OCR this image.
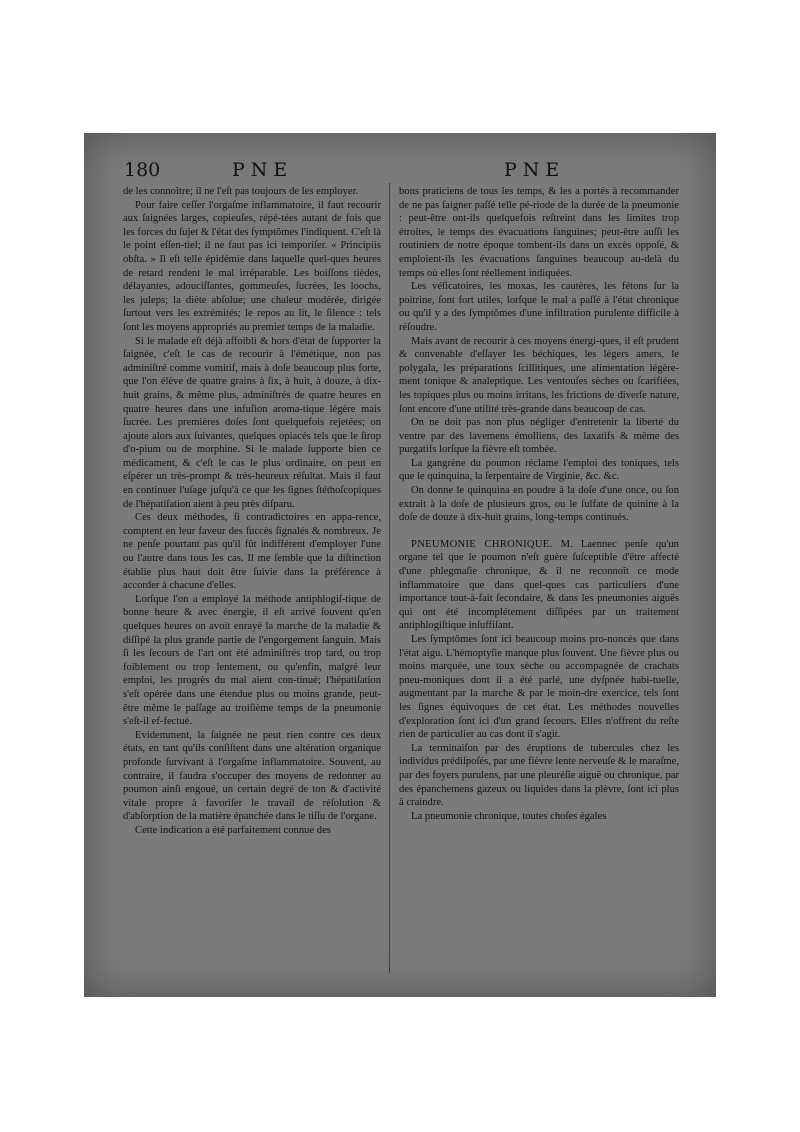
180	PNE	PNE

de les connoître; il ne l'eſt pas toujours de les employer.

Pour faire ceſſer l'orgaſme inflammatoire, il faut recourir aux ſaignées larges, copieuſes, répé-tées autant de fois que les forces du ſujet & l'état des ſymptômes l'indiquent. C'eſt là le point eſſen-tiel; il ne faut pas ici temporiſer. « Principiis obſta. » Il eſt telle épidémie dans laquelle quel-ques heures de retard rendent le mal irréparable. Les boiſſons tièdes, délayantes, adouciſſantes, gommeuſes, ſucrées, les loochs, les juleps; la diète abſolue; une chaleur modérée, dirigée ſurtout vers les extrémités; le repos au lit, le ſilence : tels ſont les moyens appropriés au premier temps de la maladie.

Si le malade eſt déjà affoibli & hors d'état de ſupporter la ſaignée, c'eſt le cas de recourir à l'émétique, non pas adminiſtré comme vomitif, mais à doſe beaucoup plus forte, que l'on élève de quatre grains à ſix, à huit, à douze, à dix-huit grains, & même plus, adminiſtrés de quatre heures en quatre heures dans une infuſion aroma-tique légère mais ſucrée. Les premières doſes ſont quelquefois rejetées; on ajoute alors aux ſuivantes, quelques opiacés tels que le ſirop d'o-pium ou de morphine. Si le malade ſupporte bien ce médicament, & c'eſt le cas le plus ordinaire, on peut en eſpérer un très-prompt & très-heureux réſultat. Mais il faut en continuer l'uſage juſqu'à ce que les ſignes ſtéthoſcopiques de l'hépatiſation aient à peu près diſparu.

Ces deux méthodes, ſi contradictoires en appa-rence, comptent en leur faveur des ſuccès ſignalés & nombreux. Je ne penſe pourtant pas qu'il fût indifférent d'employer l'une ou l'autre dans tous les cas. Il me ſemble que la diſtinction établie plus haut doit être ſuivie dans la préférence à accorder à chacune d'elles.

Lorſque l'on a employé la méthode antiphlogiſ-tique de bonne heure & avec énergie, il eſt arrivé ſouvent qu'en quelques heures on avoit enrayé la marche de la maladie & diſſipé la plus grande partie de l'engorgement ſanguin. Mais ſi les ſecours de l'art ont été adminiſtrés trop tard, ou trop foiblement ou trop lentement, ou qu'enfin, malgré leur emploi, les progrès du mal aient con-tinué; l'hépatiſation s'eſt opérée dans une étendue plus ou moins grande, peut-être même le paſſage au troiſième temps de la pneumonie s'eſt-il ef-fectué.

Evidemment, la ſaignée ne peut rien contre ces deux états, en tant qu'ils conſiſtent dans une altération organique profonde ſurvivant à l'orgaſme inflammatoire. Souvent, au contraire, il faudra s'occuper des moyens de redonner au poumon ainſi engoué, un certain degré de ton & d'activité vitale propre à favoriſer le travail de réſolution & d'abſorption de la matière épanchée dans le tiſſu de l'organe.

Cette indication a été parfaitement connue des

bons praticiens de tous les temps, & les a portés à recommander de ne pas ſaigner paſſé telle pé-riode de la durée de la pneumonie : peut-être ont-ils quelquefois reſtreint dans les limites trop étroites, le temps des évacuations ſanguines; peut-être auſſi les routiniers de notre époque tombent-ils dans un excès oppoſé, & emploient-ils les évacuations ſanguines beaucoup au-delà du temps où elles ſont réellement indiquées.

Les véſicatoires, les moxas, les cautères, les fétons ſur la poitrine, ſont fort utiles, lorſque le mal a paſſé à l'état chronique ou qu'il y a des ſymptômes d'une infiltration purulente difficile à réſoudre.

Mais avant de recourir à ces moyens énergi-ques, il eſt prudent & convenable d'eſſayer les béchiques, les légers amers, le polygala, les préparations ſcillitiques, une alimentation légère-ment tonique & analeptique. Les ventouſes sèches ou ſcarifiées, les topiques plus ou moins irritans, les frictions de diverſe nature, ſont encore d'une utilité très-grande dans beaucoup de cas.

On ne doit pas non plus négliger d'entretenir la liberté du ventre par des lavemens émolliens, des laxatifs & même des purgatifs lorſque la fièvre eſt tombée.

La gangrène du poumon réclame l'emploi des toniques, tels que le quinquina, la ſerpentaire de Virginie, &c. &c.

On donne le quinquina en poudre à la doſe d'une once, ou ſon extrait à la doſe de plusieurs gros, ou le ſulfate de quinine à la doſe de douze à dix-huit grains, long-temps continués.

PNEUMONIE CHRONIQUE. M. Laennec penſe qu'un organe tel que le poumon n'eſt guère ſuſceptible d'être affecté d'une phlegmaſie chronique, & il ne reconnoît ce mode inflammatoire que dans quel-ques cas particuliers d'une importance tout-à-fait ſecondaire, & dans les pneumonies aiguës qui ont été incomplétement diſſipées par un traitement antiphlogiſtique inſuffiſant.

Les ſymptômes ſont ici beaucoup moins pro-noncés que dans l'état aigu. L'hémoptyſie manque plus ſouvent. Une fièvre plus ou moins marquée, une toux sèche ou accompagnée de crachats pneu-moniques dont il a été parlé, une dyſpnée habi-tuelle, augmentant par la marche & par le moin-dre exercice, tels ſont les ſignes équivoques de cet état. Les méthodes nouvelles d'exploration ſont ici d'un grand ſecours. Elles n'offrent du reſte rien de particulier au cas dont il s'agit.

La terminaiſon par des éruptions de tubercules chez les individus prédiſpoſés, par une fièvre lente nerveuſe & le maraſme, par des foyers purulens, par une pleuréſie aiguë ou chronique, par des épanchemens gazeux ou liquides dans la plèvre, ſont ici plus à craindre.

La pneumonie chronique, toutes choſes égales
